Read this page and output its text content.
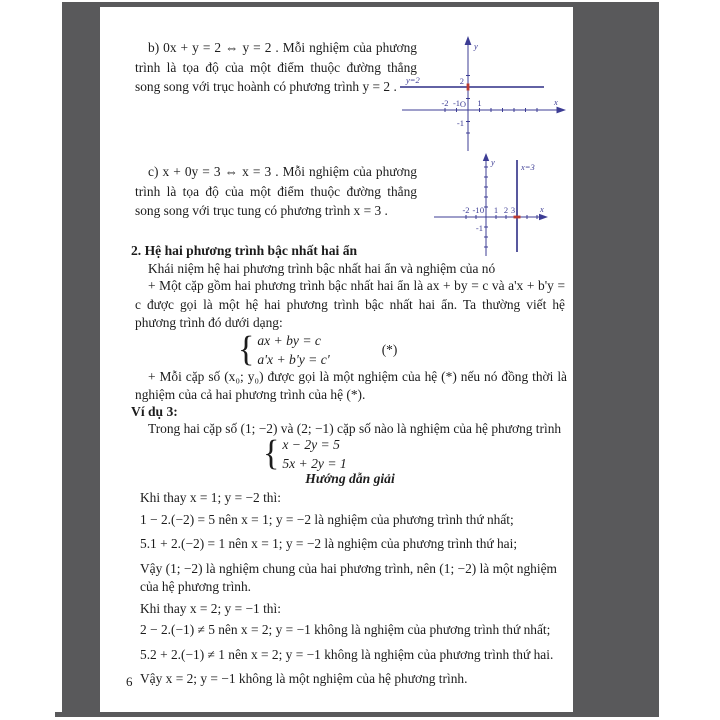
b) 0x + y = 2 ⇔ y = 2 . Mỗi nghiệm của phương trình là tọa độ của một điểm thuộc đường thẳng song song với trục hoành có phương trình y = 2 .
y
x
y=2	2
-2 -1 O 1
-1
c) x + 0y = 3 ⇔ x = 3 . Mỗi nghiệm của phương trình là tọa độ của một điểm thuộc đường thẳng song song với trục tung có phương trình x = 3 .
y
x
x=3
-2 -1 0 1 2 3
-1
2. Hệ hai phương trình bậc nhất hai ẩn
Khái niệm hệ hai phương trình bậc nhất hai ẩn và nghiệm của nó
+ Một cặp gồm hai phương trình bậc nhất hai ẩn là ax + by = c và a'x + b'y = c được gọi là một hệ hai phương trình bậc nhất hai ẩn. Ta thường viết hệ phương trình đó dưới dạng:
{ ax + by = c
a'x + b'y = c'
(*)
+ Mỗi cặp số (x₀; y₀) được gọi là một nghiệm của hệ (*) nếu nó đồng thời là nghiệm của cả hai phương trình của hệ (*).
Ví dụ 3:
Trong hai cặp số (1; −2) và (2; −1) cặp số nào là nghiệm của hệ phương trình
{ x − 2y = 5
5x + 2y = 1
Hướng dẫn giải
Khi thay x = 1; y = −2 thì:
1 − 2.(−2) = 5 nên x = 1; y = −2 là nghiệm của phương trình thứ nhất;
5.1 + 2.(−2) = 1 nên x = 1; y = −2 là nghiệm của phương trình thứ hai;
Vậy (1; −2) là nghiệm chung của hai phương trình, nên (1; −2) là một nghiệm của hệ phương trình.
Khi thay x = 2; y = −1 thì:
2 − 2.(−1) ≠ 5 nên x = 2; y = −1 không là nghiệm của phương trình thứ nhất;
5.2 + 2.(−1) ≠ 1 nên x = 2; y = −1 không là nghiệm của phương trình thứ hai.
Vậy x = 2; y = −1 không là một nghiệm của hệ phương trình.
6
